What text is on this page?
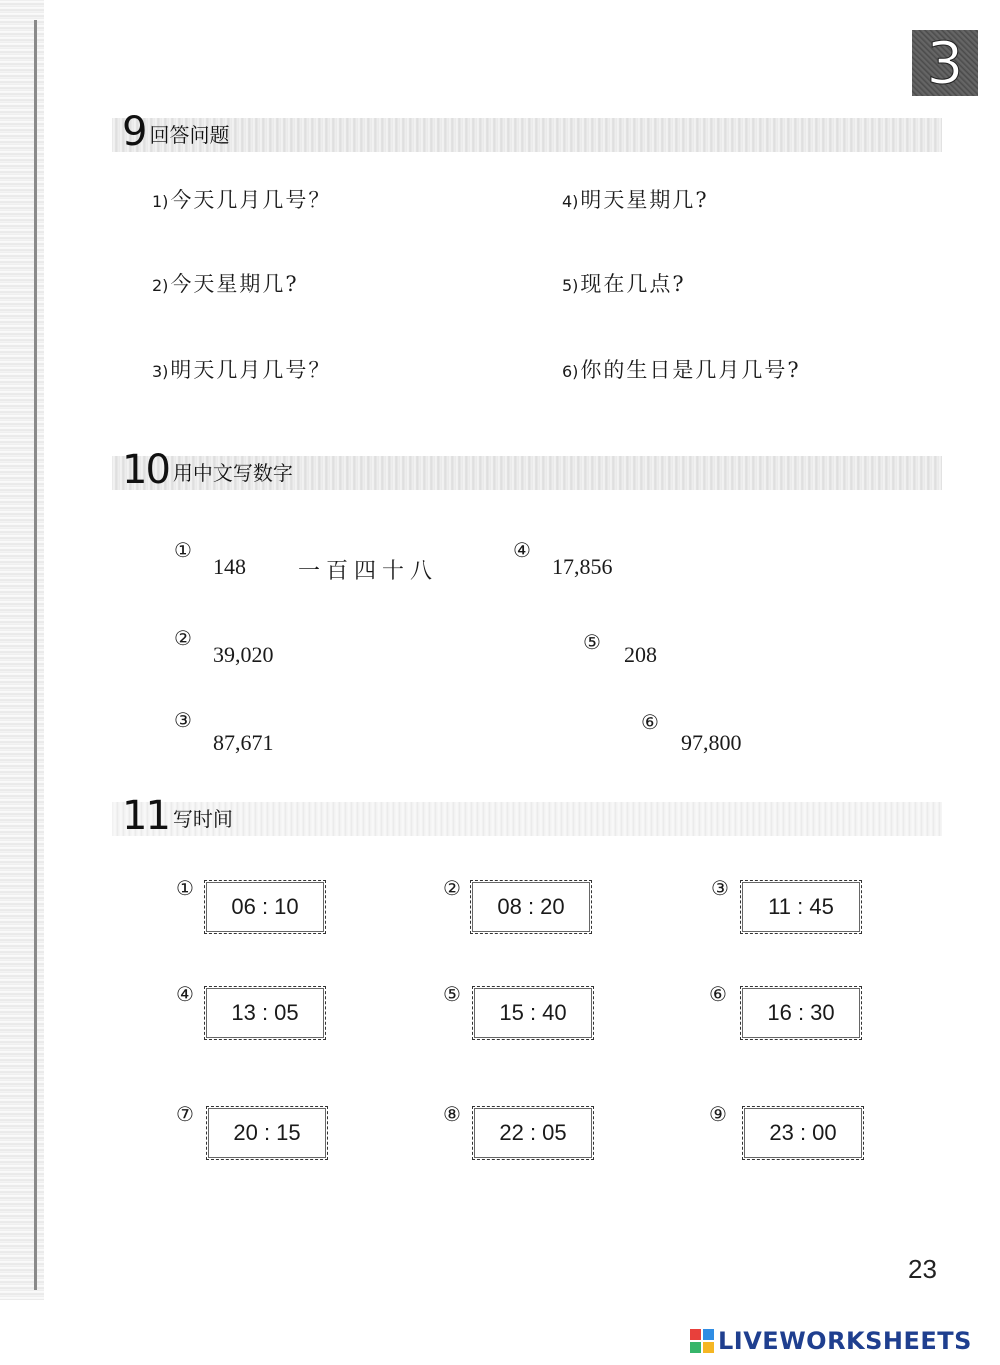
3
9 回答问题
1)今天几月几号？
2)今天星期几?
3)明天几月几号？
4)明天星期几?
5)现在几点?
6)你的生日是几月几号?
10 用中文写数字
①
148 一百四十八
②
39,020
③
87,671
④
17,856
⑤ 208
⑥
97,800
11 写时间
①
06 : 10
②
08 : 20
③
11 : 45
④
13 : 05
⑤
15 : 40
⑥
16 : 30
⑦
20 : 15
⑧
22 : 05
⑨
23 : 00
23
LIVEWORKSHEETS
